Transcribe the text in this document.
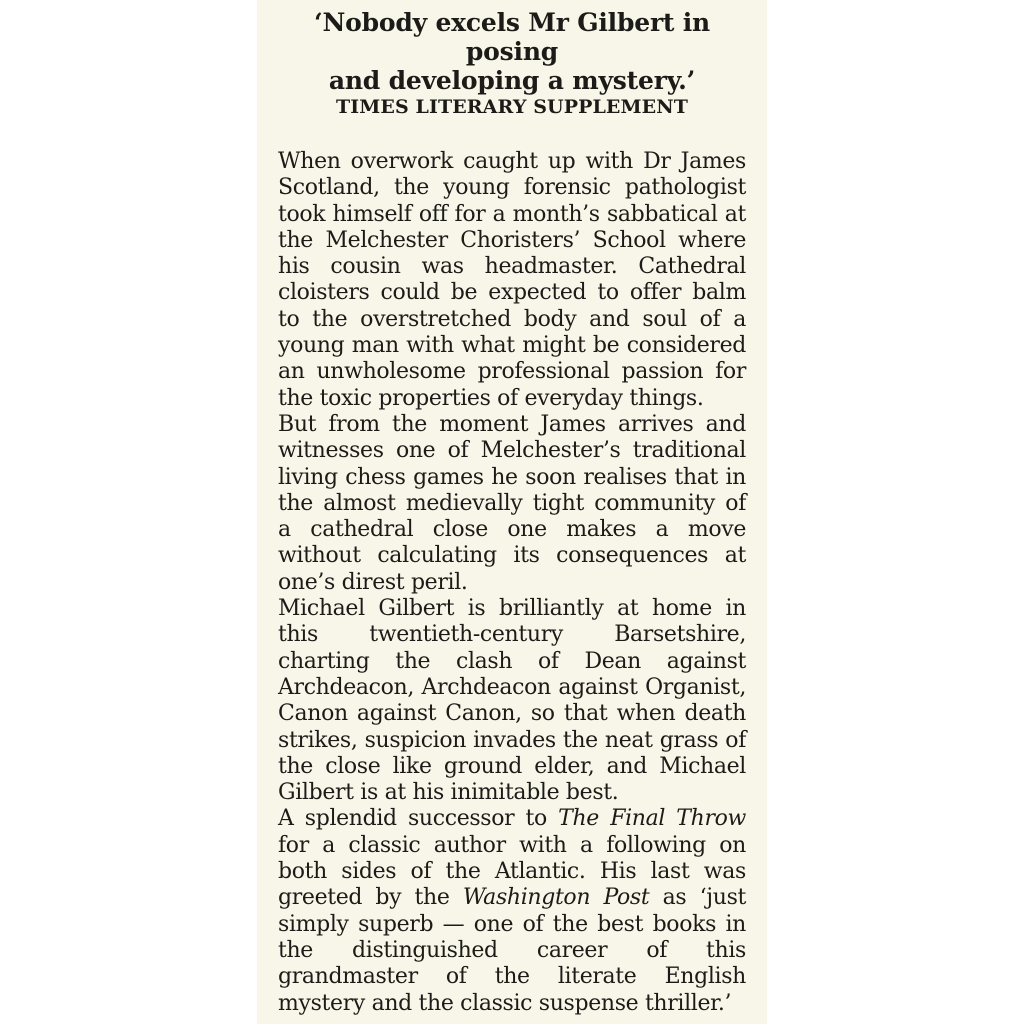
‘Nobody excels Mr Gilbert in posing
and developing a mystery.’

TIMES LITERARY SUPPLEMENT

When overwork caught up with Dr James Scotland, the young forensic pathologist took himself off for a month’s sabbatical at the Melchester Choristers’ School where his cousin was headmaster. Cathedral cloisters could be expected to offer balm to the overstretched body and soul of a young man with what might be considered an unwholesome professional passion for the toxic properties of everyday things.

But from the moment James arrives and witnesses one of Melchester’s traditional living chess games he soon realises that in the almost medievally tight community of a cathedral close one makes a move without calculating its consequences at one’s direst peril.

Michael Gilbert is brilliantly at home in this twentieth-century Barsetshire, charting the clash of Dean against Archdeacon, Archdeacon against Organist, Canon against Canon, so that when death strikes, suspicion invades the neat grass of the close like ground elder, and Michael Gilbert is at his inimitable best.

A splendid successor to The Final Throw for a classic author with a following on both sides of the Atlantic. His last was greeted by the Washington Post as ‘just simply superb — one of the best books in the distinguished career of this grandmaster of the literate English mystery and the classic suspense thriller.’
